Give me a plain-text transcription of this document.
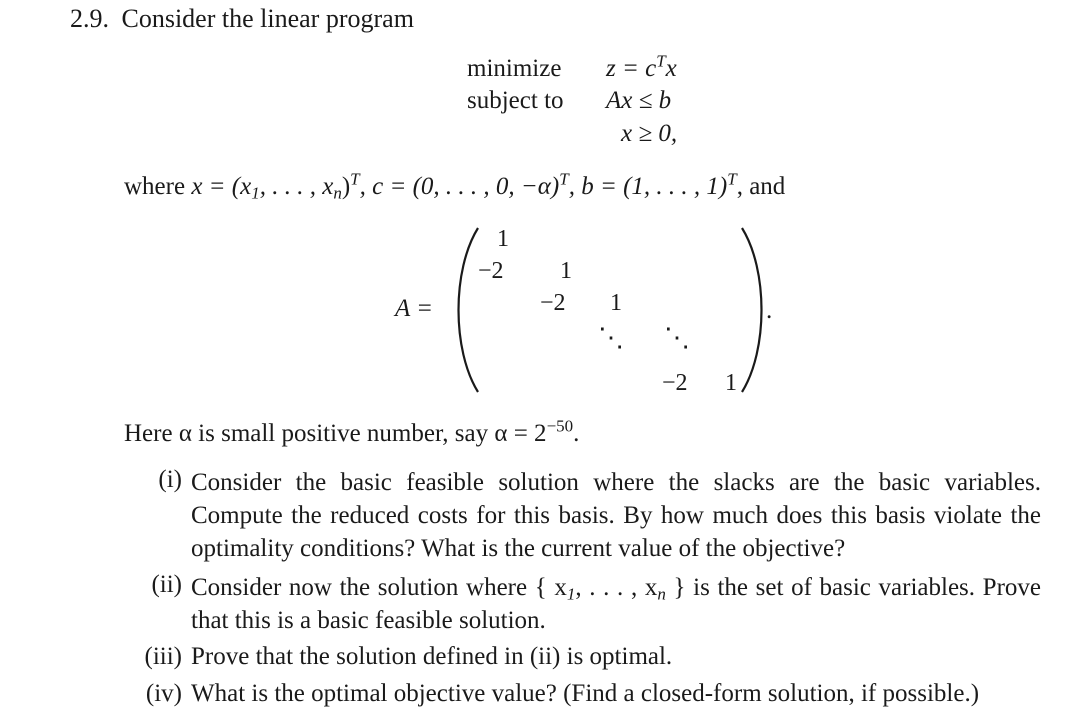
2.9. Consider the linear program
minimize $z = c^Tx$
subject to Ax ≤ b
x ≥ 0,
where $x = (x_1$, . . . , $x_n)^T$, c = (0, . . . , 0, −α)$^T$, b = (1, . . . , 1)$^T$, and
A =
1
−2 1
−2 1
⋱ ⋱
−2 1
.
Here α is small positive number, say $\alpha = 2^{-50}$.
(i) Consider the basic feasible solution where the slacks are the basic variables. Compute the reduced costs for this basis. By how much does this basis violate the optimality conditions? What is the current value of the objective?
(ii) Consider now the solution where { $x_1$, . . . , $x_n$ } is the set of basic variables. Prove that this is a basic feasible solution.
(iii) Prove that the solution defined in (ii) is optimal.
(iv) What is the optimal objective value? (Find a closed-form solution, if possible.)
